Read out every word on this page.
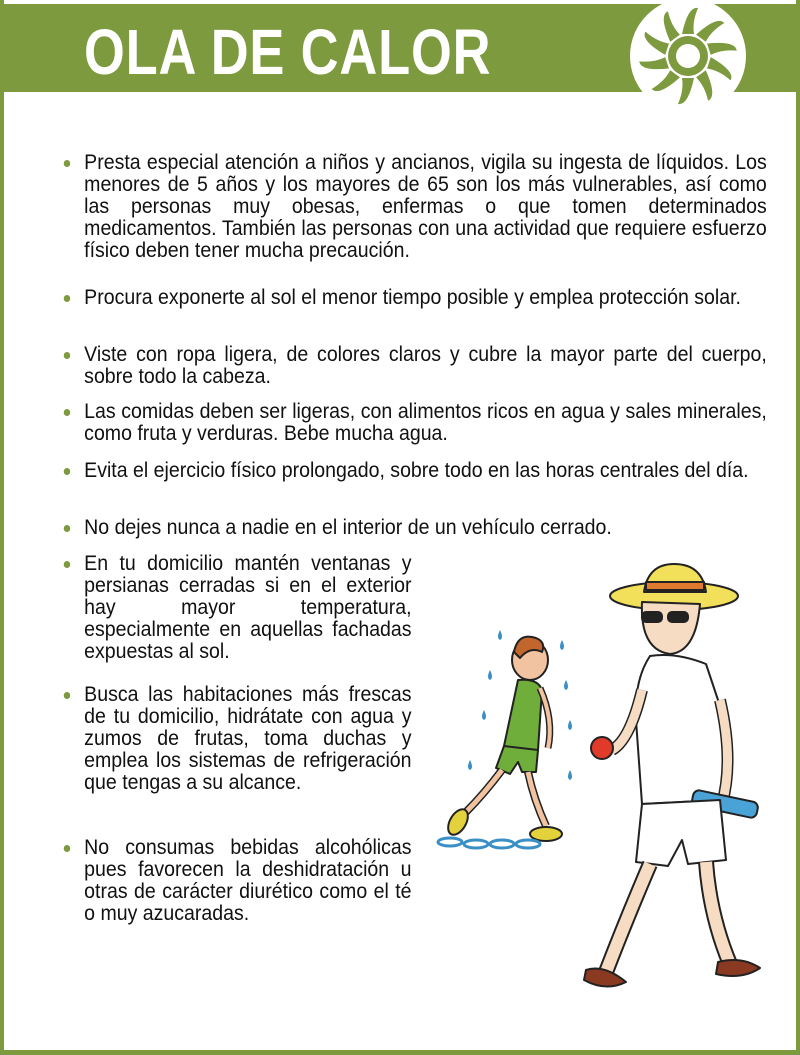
OLA DE CALOR
Presta especial atención a niños y ancianos, vigila su ingesta de líquidos. Los menores de 5 años y los mayores de 65 son los más vulnerables, así como las personas muy obesas, enfermas o que tomen determinados medicamentos. También las personas con una actividad que requiere esfuerzo físico deben tener mucha precaución.
Procura exponerte al sol el menor tiempo posible y emplea protección solar.
Viste con ropa ligera, de colores claros y cubre la mayor parte del cuerpo, sobre todo la cabeza.
Las comidas deben ser ligeras, con alimentos ricos en agua y sales minerales, como fruta y verduras. Bebe mucha agua.
Evita el ejercicio físico prolongado, sobre todo en las horas centrales del día.
No dejes nunca a nadie en el interior de un vehículo cerrado.
En tu domicilio mantén ventanas y persianas cerradas si en el exterior hay mayor temperatura, especialmente en aquellas fachadas expuestas al sol.
Busca las habitaciones más frescas de tu domicilio, hidrátate con agua y zumos de frutas, toma duchas y emplea los sistemas de refrigeración que tengas a su alcance.
No consumas bebidas alcohólicas pues favorecen la deshidratación u otras de carácter diurético como el té o muy azucaradas.
